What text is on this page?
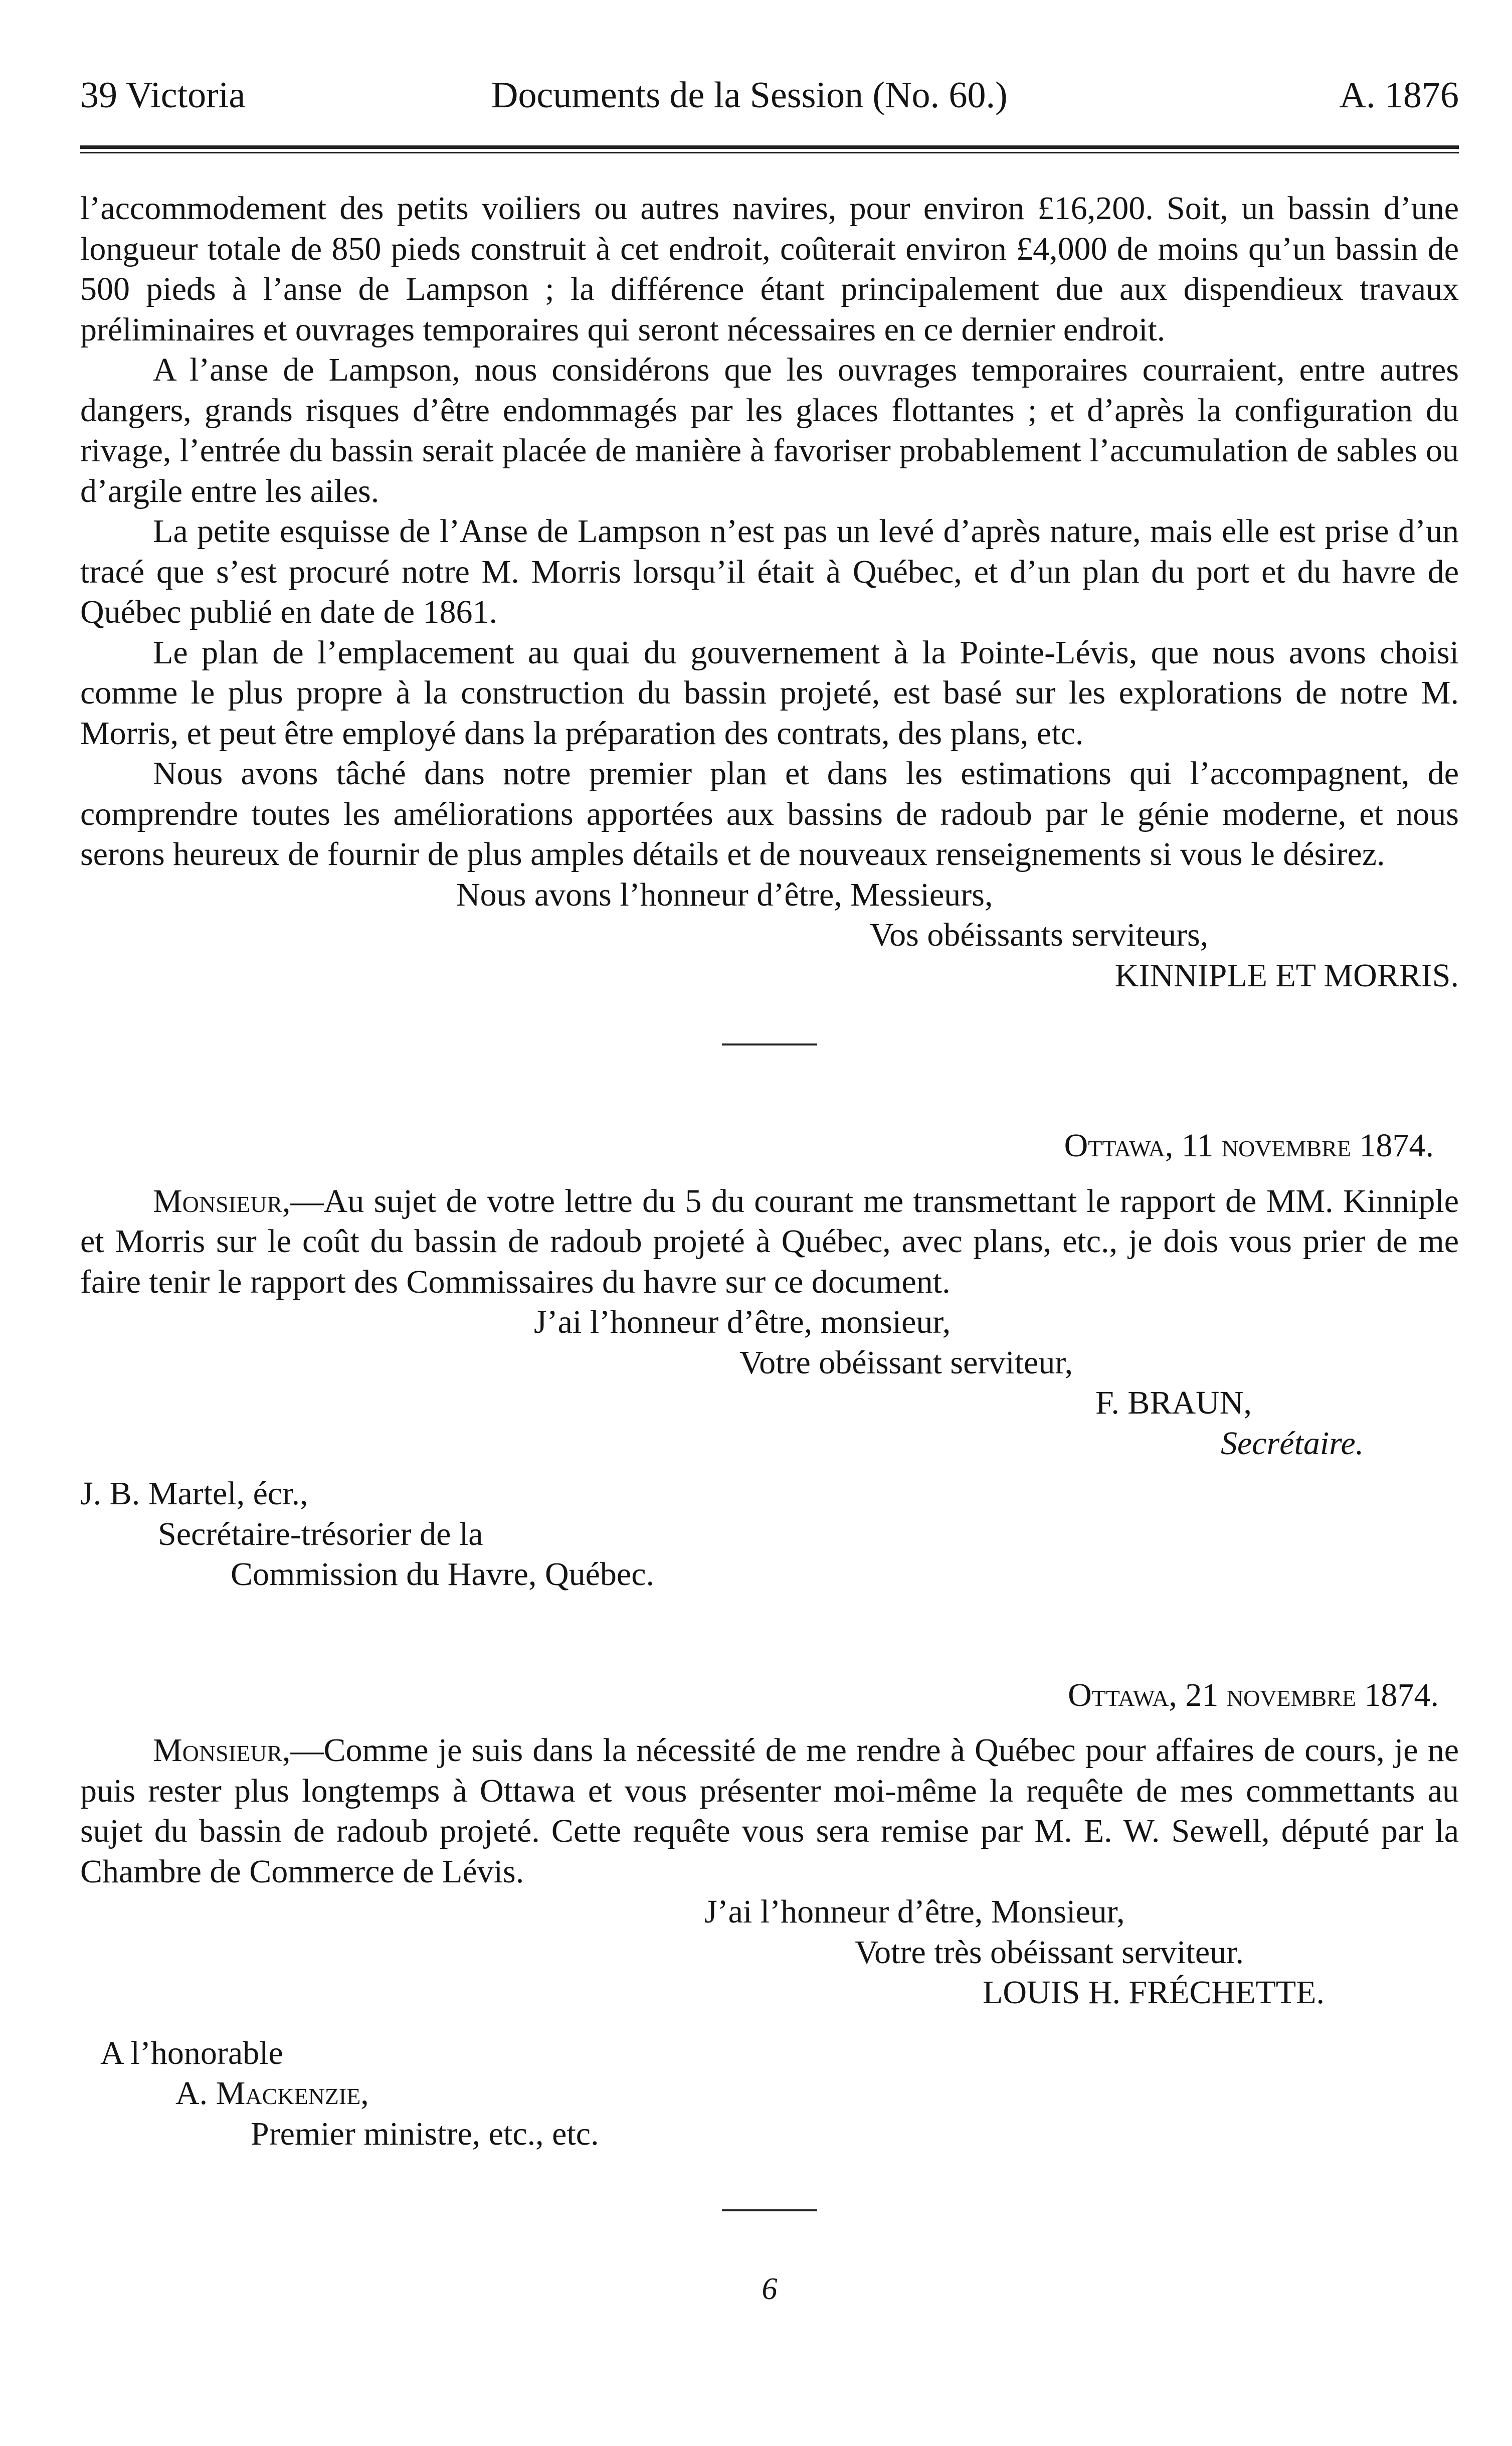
39 Victoria	Documents de la Session (No. 60.)	A. 1876

l’accommodement des petits voiliers ou autres navires, pour environ £16,200. Soit, un bassin d’une longueur totale de 850 pieds construit à cet endroit, coûterait environ £4,000 de moins qu’un bassin de 500 pieds à l’anse de Lampson ; la différence étant principalement due aux dispendieux travaux préliminaires et ouvrages temporaires qui seront nécessaires en ce dernier endroit.

A l’anse de Lampson, nous considérons que les ouvrages temporaires courraient, entre autres dangers, grands risques d’être endommagés par les glaces flottantes ; et d’après la configuration du rivage, l’entrée du bassin serait placée de manière à favoriser probablement l’accumulation de sables ou d’argile entre les ailes.

La petite esquisse de l’Anse de Lampson n’est pas un levé d’après nature, mais elle est prise d’un tracé que s’est procuré notre M. Morris lorsqu’il était à Québec, et d’un plan du port et du havre de Québec publié en date de 1861.

Le plan de l’emplacement au quai du gouvernement à la Pointe-Lévis, que nous avons choisi comme le plus propre à la construction du bassin projeté, est basé sur les explorations de notre M. Morris, et peut être employé dans la préparation des contrats, des plans, etc.

Nous avons tâché dans notre premier plan et dans les estimations qui l’accompagnent, de comprendre toutes les améliorations apportées aux bassins de radoub par le génie moderne, et nous serons heureux de fournir de plus amples détails et de nouveaux renseignements si vous le désirez.

Nous avons l’honneur d’être, Messieurs,

Vos obéissants serviteurs,

KINNIPLE ET MORRIS.

Ottawa, 11 novembre 1874.

Monsieur,—Au sujet de votre lettre du 5 du courant me transmettant le rapport de MM. Kinniple et Morris sur le coût du bassin de radoub projeté à Québec, avec plans, etc., je dois vous prier de me faire tenir le rapport des Commissaires du havre sur ce document.

J’ai l’honneur d’être, monsieur,

Votre obéissant serviteur,

F. BRAUN,

Secrétaire.

J. B. Martel, écr.,

Secrétaire-trésorier de la

Commission du Havre, Québec.

Ottawa, 21 novembre 1874.

Monsieur,—Comme je suis dans la nécessité de me rendre à Québec pour affaires de cours, je ne puis rester plus longtemps à Ottawa et vous présenter moi-même la requête de mes commettants au sujet du bassin de radoub projeté. Cette requête vous sera remise par M. E. W. Sewell, député par la Chambre de Commerce de Lévis.

J’ai l’honneur d’être, Monsieur,

Votre très obéissant serviteur.

LOUIS H. FRÉCHETTE.

A l’honorable

A. Mackenzie,

Premier ministre, etc., etc.

6
